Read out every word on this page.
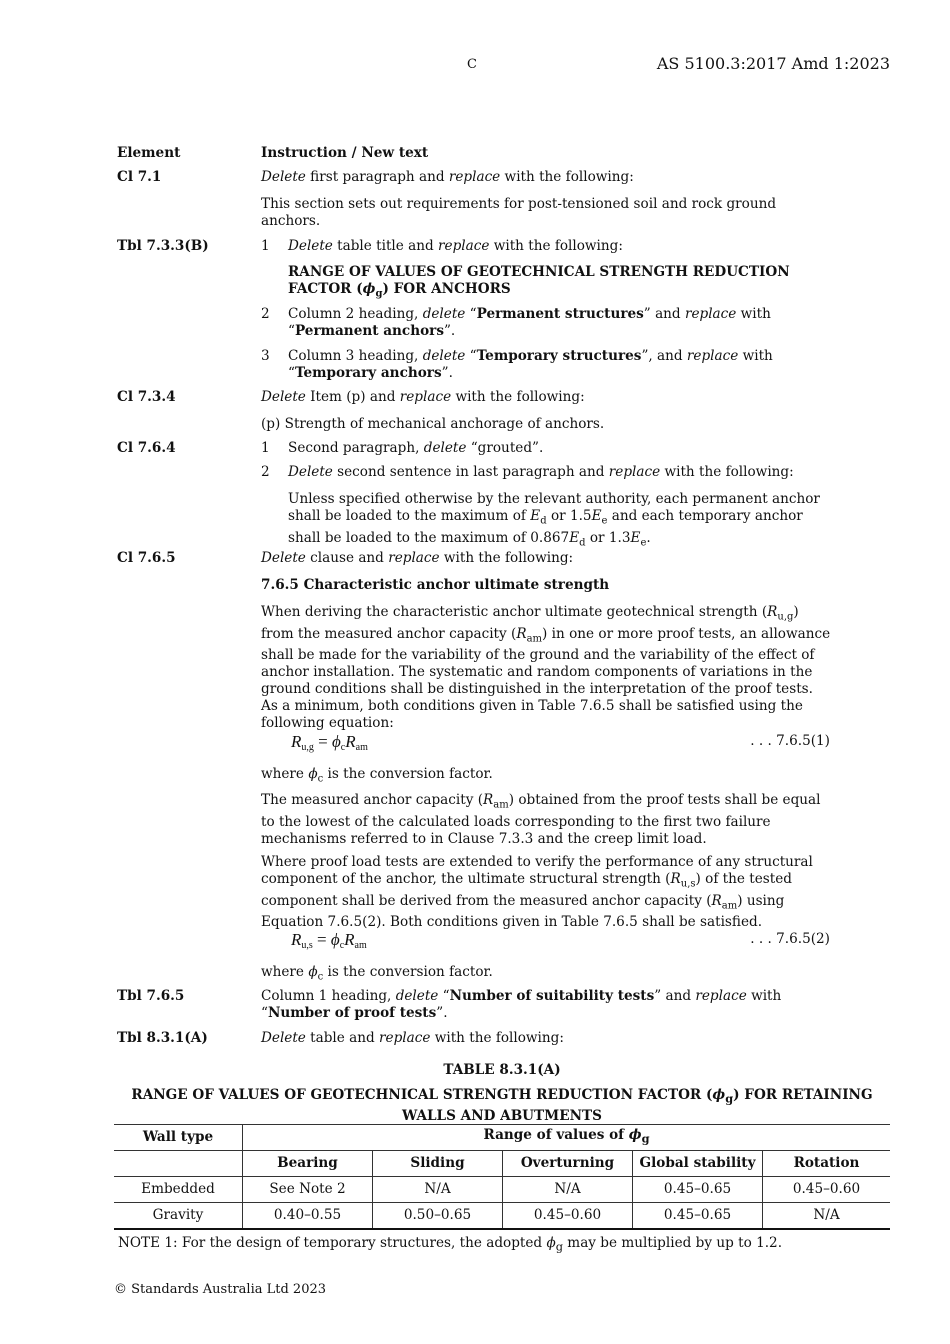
C	AS 5100.3:2017 Amd 1:2023
Element	Instruction / New text
Cl 7.1	Delete first paragraph and replace with the following:
This section sets out requirements for post-tensioned soil and rock ground anchors.
Tbl 7.3.3(B)	1 Delete table title and replace with the following:
RANGE OF VALUES OF GEOTECHNICAL STRENGTH REDUCTION FACTOR $(\phi_g)$ FOR ANCHORS
2 Column 2 heading, delete “Permanent structures” and replace with “Permanent anchors”.
3 Column 3 heading, delete “Temporary structures”, and replace with “Temporary anchors”.
Cl 7.3.4	Delete Item (p) and replace with the following:
(p) Strength of mechanical anchorage of anchors.
Cl 7.6.4	1 Second paragraph, delete “grouted”.
2 Delete second sentence in last paragraph and replace with the following:
Unless specified otherwise by the relevant authority, each permanent anchor shall be loaded to the maximum of $E_d$ or $1.5E_e$ and each temporary anchor shall be loaded to the maximum of $0.867E_d$ or $1.3E_e$.
Cl 7.6.5	Delete clause and replace with the following:
7.6.5 Characteristic anchor ultimate strength
When deriving the characteristic anchor ultimate geotechnical strength $(R_{u,g})$ from the measured anchor capacity $(R_{am})$ in one or more proof tests, an allowance shall be made for the variability of the ground and the variability of the effect of anchor installation. The systematic and random components of variations in the ground conditions shall be distinguished in the interpretation of the proof tests. As a minimum, both conditions given in Table 7.6.5 shall be satisfied using the following equation:
Ru,g = ϕcRam	. . . 7.6.5(1)
where $\phi_c$ is the conversion factor.
The measured anchor capacity $(R_{am})$ obtained from the proof tests shall be equal to the lowest of the calculated loads corresponding to the first two failure mechanisms referred to in Clause 7.3.3 and the creep limit load.
Where proof load tests are extended to verify the performance of any structural component of the anchor, the ultimate structural strength $(R_{u,s})$ of the tested component shall be derived from the measured anchor capacity $(R_{am})$ using Equation 7.6.5(2). Both conditions given in Table 7.6.5 shall be satisfied.
Ru,s = ϕcRam	. . . 7.6.5(2)
where $\phi_c$ is the conversion factor.
Tbl 7.6.5	Column 1 heading, delete “Number of suitability tests” and replace with “Number of proof tests”.
Tbl 8.3.1(A)	Delete table and replace with the following:
TABLE 8.3.1(A)
RANGE OF VALUES OF GEOTECHNICAL STRENGTH REDUCTION FACTOR $(\phi_g)$ FOR RETAINING WALLS AND ABUTMENTS
Wall type	Range of values of $\phi_g$
	Bearing	Sliding	Overturning	Global stability	Rotation
Embedded	See Note 2	N/A	N/A	0.45–0.65	0.45–0.60
Gravity	0.40–0.55	0.50–0.65	0.45–0.60	0.45–0.65	N/A
NOTE 1: For the design of temporary structures, the adopted $\phi_g$ may be multiplied by up to 1.2.
© Standards Australia Ltd 2023
